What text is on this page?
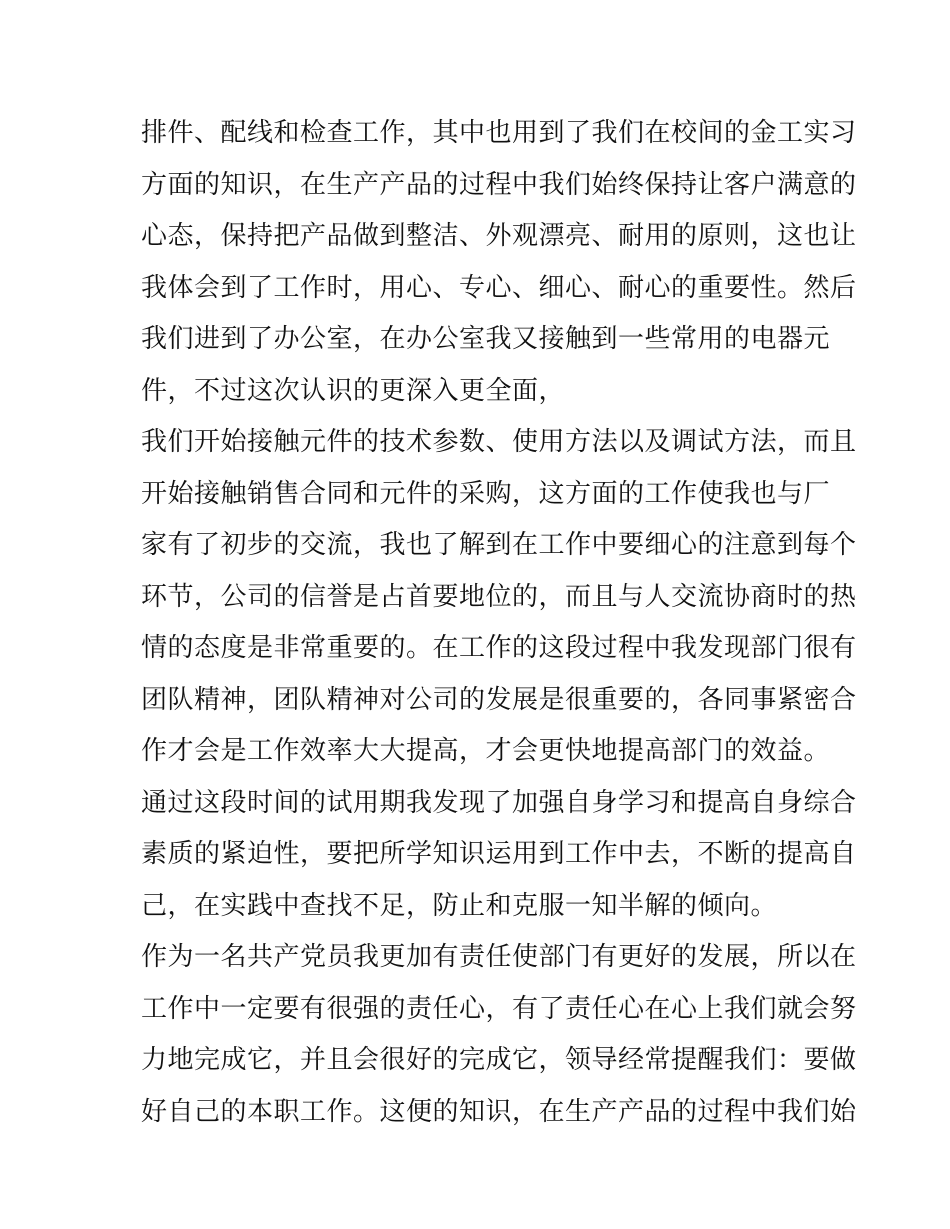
排件、配线和检查工作，其中也用到了我们在校间的金工实习
方面的知识，在生产产品的过程中我们始终保持让客户满意的
心态，保持把产品做到整洁、外观漂亮、耐用的原则，这也让
我体会到了工作时，用心、专心、细心、耐心的重要性。然后
我们进到了办公室，在办公室我又接触到一些常用的电器元
件，不过这次认识的更深入更全面，
我们开始接触元件的技术参数、使用方法以及调试方法，而且
开始接触销售合同和元件的采购，这方面的工作使我也与厂
家有了初步的交流，我也了解到在工作中要细心的注意到每个
环节，公司的信誉是占首要地位的，而且与人交流协商时的热
情的态度是非常重要的。在工作的这段过程中我发现部门很有
团队精神，团队精神对公司的发展是很重要的，各同事紧密合
作才会是工作效率大大提高，才会更快地提高部门的效益。
通过这段时间的试用期我发现了加强自身学习和提高自身综合
素质的紧迫性，要把所学知识运用到工作中去，不断的提高自
己，在实践中查找不足，防止和克服一知半解的倾向。
作为一名共产党员我更加有责任使部门有更好的发展，所以在
工作中一定要有很强的责任心，有了责任心在心上我们就会努
力地完成它，并且会很好的完成它，领导经常提醒我们：要做
好自己的本职工作。这便的知识，在生产产品的过程中我们始
